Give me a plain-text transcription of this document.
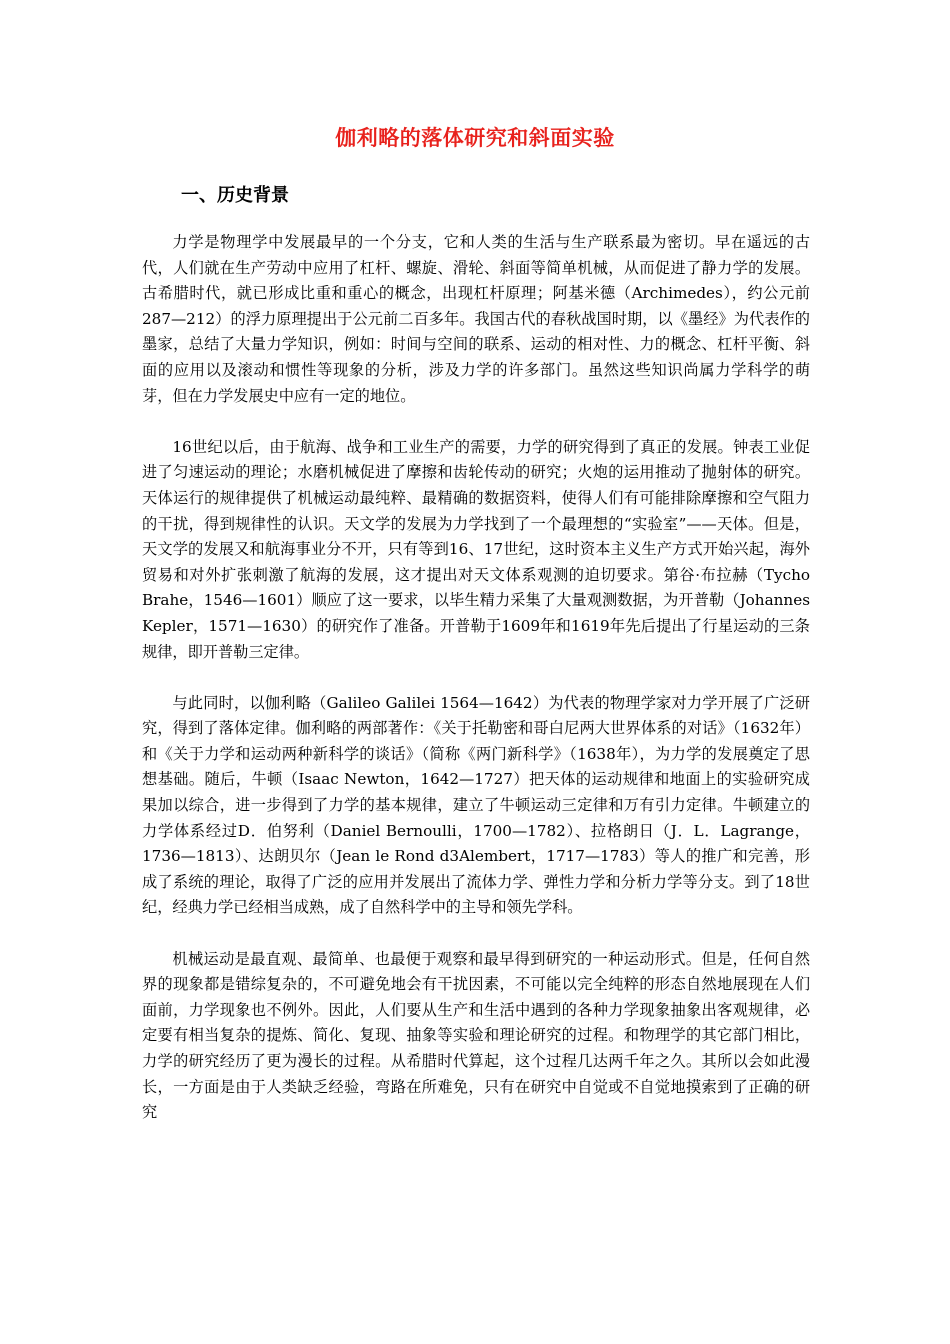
伽利略的落体研究和斜面实验
一、历史背景

力学是物理学中发展最早的一个分支，它和人类的生活与生产联系最为密切。早在遥远的古代，人们就在生产劳动中应用了杠杆、螺旋、滑轮、斜面等简单机械，从而促进了静力学的发展。古希腊时代，就已形成比重和重心的概念，出现杠杆原理；阿基米德（Archimedes），约公元前287—212）的浮力原理提出于公元前二百多年。我国古代的春秋战国时期，以《墨经》为代表作的墨家，总结了大量力学知识，例如：时间与空间的联系、运动的相对性、力的概念、杠杆平衡、斜面的应用以及滚动和惯性等现象的分析，涉及力学的许多部门。虽然这些知识尚属力学科学的萌芽，但在力学发展史中应有一定的地位。

16世纪以后，由于航海、战争和工业生产的需要，力学的研究得到了真正的发展。钟表工业促进了匀速运动的理论；水磨机械促进了摩擦和齿轮传动的研究；火炮的运用推动了抛射体的研究。天体运行的规律提供了机械运动最纯粹、最精确的数据资料，使得人们有可能排除摩擦和空气阻力的干扰，得到规律性的认识。天文学的发展为力学找到了一个最理想的“实验室”——天体。但是，天文学的发展又和航海事业分不开，只有等到16、17世纪，这时资本主义生产方式开始兴起，海外贸易和对外扩张刺激了航海的发展，这才提出对天文体系观测的迫切要求。第谷·布拉赫（Tycho Brahe，1546—1601）顺应了这一要求，以毕生精力采集了大量观测数据，为开普勒（Johannes Kepler，1571—1630）的研究作了准备。开普勒于1609年和1619年先后提出了行星运动的三条规律，即开普勒三定律。

与此同时，以伽利略（Galileo Galilei 1564—1642）为代表的物理学家对力学开展了广泛研究，得到了落体定律。伽利略的两部著作：《关于托勒密和哥白尼两大世界体系的对话》（1632年）和《关于力学和运动两种新科学的谈话》（简称《两门新科学》（1638年），为力学的发展奠定了思想基础。随后，牛顿（Isaac Newton，1642—1727）把天体的运动规律和地面上的实验研究成果加以综合，进一步得到了力学的基本规律，建立了牛顿运动三定律和万有引力定律。牛顿建立的力学体系经过D．伯努利（Daniel Bernoulli，1700—1782）、拉格朗日（J．L．Lagrange，1736—1813）、达朗贝尔（Jean le Rond d3Alembert，1717—1783）等人的推广和完善，形成了系统的理论，取得了广泛的应用并发展出了流体力学、弹性力学和分析力学等分支。到了18世纪，经典力学已经相当成熟，成了自然科学中的主导和领先学科。

机械运动是最直观、最简单、也最便于观察和最早得到研究的一种运动形式。但是，任何自然界的现象都是错综复杂的，不可避免地会有干扰因素，不可能以完全纯粹的形态自然地展现在人们面前，力学现象也不例外。因此，人们要从生产和生活中遇到的各种力学现象抽象出客观规律，必定要有相当复杂的提炼、简化、复现、抽象等实验和理论研究的过程。和物理学的其它部门相比，力学的研究经历了更为漫长的过程。从希腊时代算起，这个过程几达两千年之久。其所以会如此漫长，一方面是由于人类缺乏经验，弯路在所难免，只有在研究中自觉或不自觉地摸索到了正确的研究
